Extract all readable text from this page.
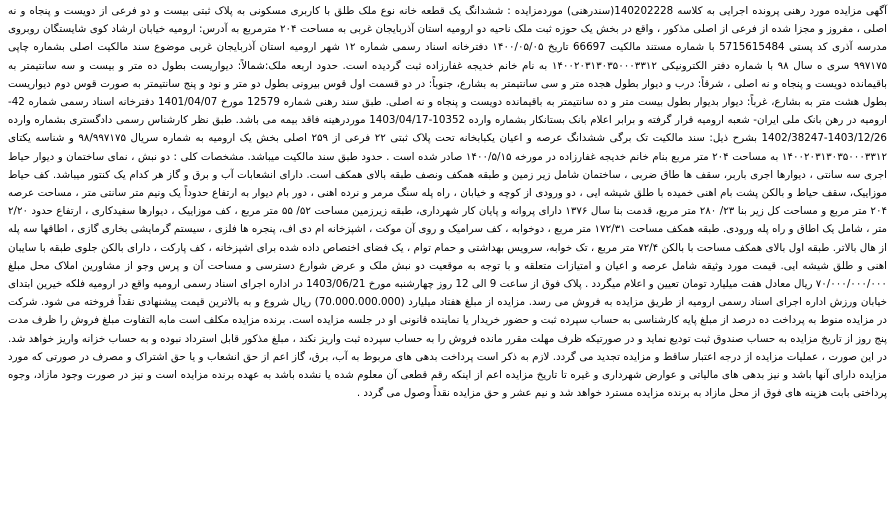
آگهی مزایده مورد رهنی پرونده اجرایی به کلاسه 140202228(سندرهنی) موردمزایده : ششدانگ یک قطعه خانه نوع ملک طلق با کاربری مسکونی به پلاک ثبتی بیست و دو فرعی از دویست و پنجاه و نه اصلی ، مفروز و مجزا شده از فرعی از اصلی مذکور ، واقع در بخش یک حوزه ثبت ملک ناحیه دو ارومیه استان آذربایجان غربی به مساحت ۲۰۴ مترمربع به آدرس: ارومیه خیابان ارشاد کوی شایستگان روبروی مدرسه آذری کد پستی 5715615484 با شماره مستند مالکیت 66697 تاریخ ۱۴۰۰/۰۵/۰۵ دفترخانه اسناد رسمی شماره ۱۲ شهر ارومیه استان آذربایجان غربی موضوع سند مالکیت اصلی بشماره چاپی ۹۹۷۱۷۵ سری ه سال ۹۸ با شماره دفتر الکترونیکی ۱۴۰۰۲۰۳۱۳۰۳۵۰۰۰۳۳۱۲ به نام خانم خدیجه غفارزاده ثبت گردیده است. حدود اربعه ملک:شمالاً: دیواریست بطول ده متر و بیست و سه سانتیمتر به باقیمانده دویست و پنجاه و نه اصلی ، شرقاً: درب و دیوار بطول هجده متر و سی سانتیمتر به بشارع، جنوباً: در دو قسمت اول قوس بیرونی بطول دو متر و نود و پنج سانتیمتر به صورت قوس دوم دیواریست بطول هشت متر به بشارع، غرباً: دیوار بدیوار بطول بیست متر و ده سانتیمتر به باقیمانده دویست و پنجاه و نه اصلی. طبق سند رهنی شماره 12579 مورخ 1401/04/07 دفترخانه اسناد رسمی شماره 42- ارومیه در رهن بانک ملی ایران- شعبه ارومیه قرار گرفته و برابر اعلام بانک بستانکار بشماره وارده 10352-1403/04/17 موردرهینه فاقد بیمه می باشد. طبق نظر کارشناس رسمی دادگستری بشماره وارده 1403/12/26-1402/38247 بشرح ذیل: سند مالکیت تک برگی ششدانگ عرصه و اعیان یکبابخانه تحت پلاک ثبتی ۲۲ فرعی از ۲۵۹ اصلی بخش یک ارومیه به شماره سریال ۹۸/۹۹۷۱۷۵ و شناسه یکتای ۱۴۰۰۲۰۳۱۳۰۳۵۰۰۰۳۳۱۲ به مساحت ۲۰۴ متر مربع بنام خانم خدیجه غفارزاده در مورخه ۱۴۰۰/۵/۱۵ صادر شده است . حدود طبق سند مالکیت میباشد. مشخصات کلی : دو نبش ، نمای ساختمان و دیوار حیاط اجری سه سانتی ، دیوارها اجری باربر، سقف ها طاق ضربی ، ساختمان شامل زیر زمین و طبقه همکف ونصف طبقه بالای همکف است. دارای انشعابات آب و برق و گاز هر کدام یک کنتور میباشد. کف حیاط موزاییک، سقف حیاط و بالکن پشت بام اهنی خمیده با طلق شیشه ایی ، دو ورودی از کوچه و خیابان ، راه پله سنگ مرمر و نرده اهنی ، دور بام دیوار به ارتفاع حدوداً یک ونیم متر سانتی متر ، مساحت عرصه ۲۰۴ متر مربع و مساحت کل زیر بنا ۲۳/ ۲۸۰ متر مربع، قدمت بنا سال ۱۳۷۶ دارای پروانه و پایان کار شهرداری، طبقه زیرزمین مساحت ۵۲/ ۵۵ متر مربع ، کف موزاییک ، دیوارها سفیدکاری ، ارتفاع حدود ۲/۲۰ متر ، شامل یک اطاق و راه پله ورودی. طبقه همکف مساحت ۱۷۲/۳۱ متر مربع ، دوخوابه ، کف سرامیک و روی آن موکت ، اشپزخانه ام دی اف، پنجره ها فلزی ، سیستم گرمایشی بخاری گازی ، اطاقها سه پله از هال بالاتر. طبقه اول بالای همکف مساحت با بالکن ۷۲/۴ متر مربع ، تک خوابه، سرویس بهداشتی و حمام توام ، یک فضای اختصاص داده شده برای اشپزخانه ، کف پارکت ، دارای بالکن جلوی طبقه با سایبان اهنی و طلق شیشه ایی. قیمت مورد وثیقه شامل عرصه و اعیان و امتیازات متعلقه و با توجه به موقعیت دو نبش ملک و عرض شوارع دسترسی و مساحت آن و پرس وجو از مشاورین املاک محل مبلغ ۷۰/۰۰۰/۰۰۰/۰۰۰ ریال معادل هفت میلیارد تومان تعیین و اعلام میگردد . پلاک فوق از ساعت 9 الی 12 روز چهارشنبه مورخ 1403/06/21 در اداره اجرای اسناد رسمی ارومیه واقع در ارومیه فلکه خیرین ابتدای خیابان ورزش اداره اجرای اسناد رسمی ارومیه از طریق مزایده به فروش می رسد. مزایده از مبلغ هفتاد میلیارد (70.000.000.000) ریال شروع و به بالاترین قیمت پیشنهادی نقداً فروخته می شود. شرکت در مزایده منوط به پرداخت ده درصد از مبلغ پایه کارشناسی به حساب سپرده ثبت و حضور خریدار یا نماینده قانونی او در جلسه مزایده است. برنده مزایده مکلف است مابه التفاوت مبلغ فروش را ظرف مدت پنج روز از تاریخ مزایده به حساب صندوق ثبت تودیع نماید و در صورتیکه ظرف مهلت مقرر مانده فروش را به حساب سپرده ثبت واریز نکند ، مبلغ مذکور قابل استرداد نبوده و به حساب خزانه واریز خواهد شد. در این صورت ، عملیات مزایده از درجه اعتبار ساقط و مزایده تجدید می گردد. لازم به ذکر است پرداخت بدهی های مربوط به آب، برق، گاز اعم از حق انشعاب و یا حق اشتراک و مصرف در صورتی که مورد مزایده دارای آنها باشد و نیز بدهی های مالیاتی و عوارض شهرداری و غیره تا تاریخ مزایده اعم از اینکه رقم قطعی آن معلوم شده یا نشده باشد به عهده برنده مزایده است و نیز در صورت وجود مازاد، وجوه پرداختی بابت هزینه های فوق از محل مازاد به برنده مزایده مسترد خواهد شد و نیم عشر و حق مزایده نقداً وصول می گردد .
